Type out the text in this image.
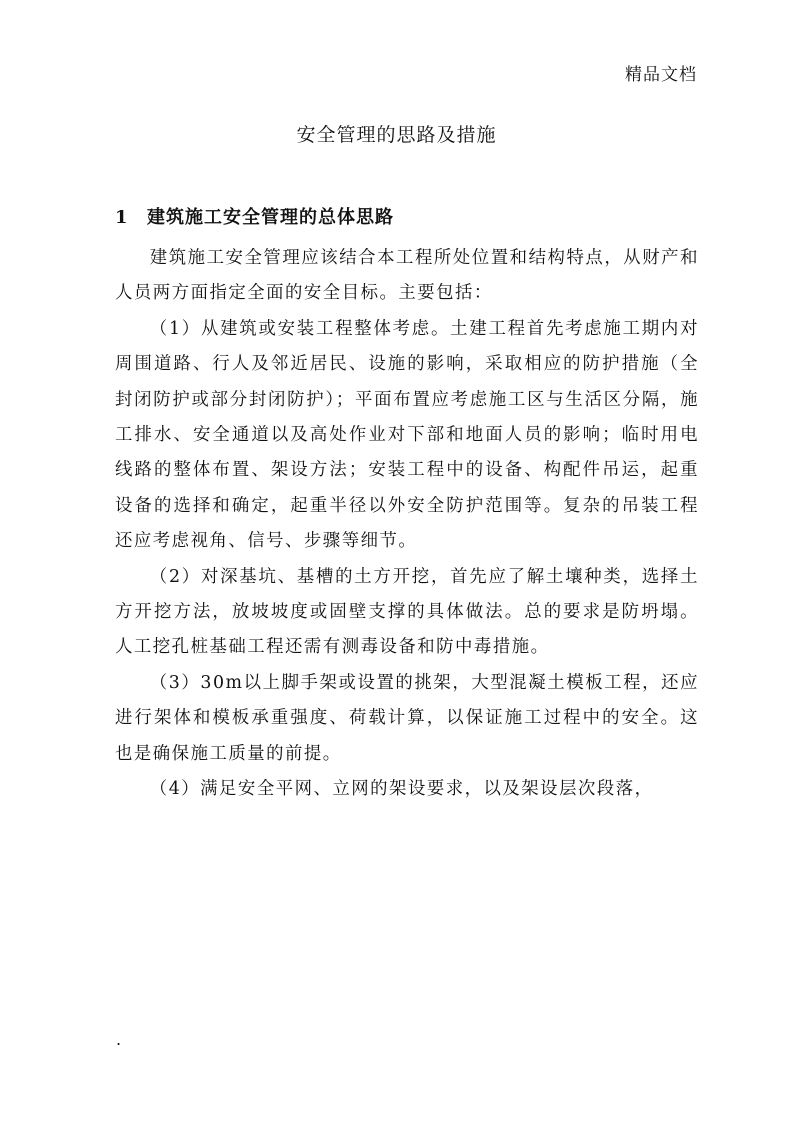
精品文档
安全管理的思路及措施
1 建筑施工安全管理的总体思路

建筑施工安全管理应该结合本工程所处位置和结构特点，从财产和人员两方面指定全面的安全目标。主要包括：

（1）从建筑或安装工程整体考虑。土建工程首先考虑施工期内对周围道路、行人及邻近居民、设施的影响，采取相应的防护措施（全封闭防护或部分封闭防护）；平面布置应考虑施工区与生活区分隔，施工排水、安全通道以及高处作业对下部和地面人员的影响；临时用电线路的整体布置、架设方法；安装工程中的设备、构配件吊运，起重设备的选择和确定，起重半径以外安全防护范围等。复杂的吊装工程还应考虑视角、信号、步骤等细节。

（2）对深基坑、基槽的土方开挖，首先应了解土壤种类，选择土方开挖方法，放坡坡度或固壁支撑的具体做法。总的要求是防坍塌。人工挖孔桩基础工程还需有测毒设备和防中毒措施。

（3）30m以上脚手架或设置的挑架，大型混凝土模板工程，还应进行架体和模板承重强度、荷载计算，以保证施工过程中的安全。这也是确保施工质量的前提。

（4）满足安全平网、立网的架设要求，以及架设层次段落，

.
